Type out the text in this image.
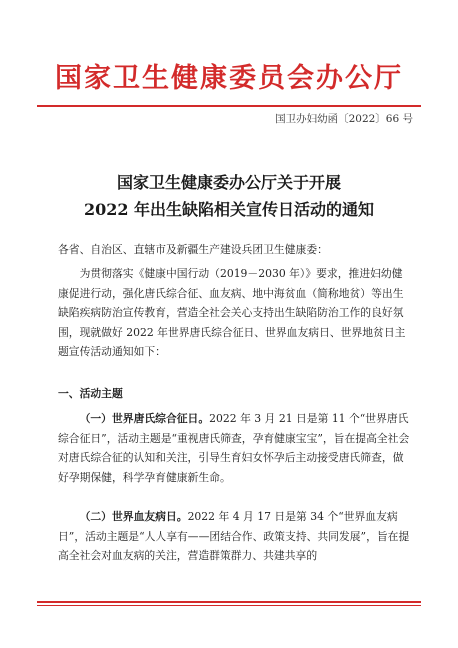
国家卫生健康委员会办公厅
国卫办妇幼函〔2022〕66 号
国家卫生健康委办公厅关于开展
2022 年出生缺陷相关宣传日活动的通知
各省、自治区、直辖市及新疆生产建设兵团卫生健康委：

为贯彻落实《健康中国行动（2019－2030 年）》要求，推进妇幼健康促进行动，强化唐氏综合征、血友病、地中海贫血（简称地贫）等出生缺陷疾病防治宣传教育，营造全社会关心支持出生缺陷防治工作的良好氛围，现就做好 2022 年世界唐氏综合征日、世界血友病日、世界地贫日主题宣传活动通知如下：

一、活动主题

（一）世界唐氏综合征日。2022 年 3 月 21 日是第 11 个“世界唐氏综合征日”，活动主题是“重视唐氏筛查，孕育健康宝宝”，旨在提高全社会对唐氏综合征的认知和关注，引导生育妇女怀孕后主动接受唐氏筛查，做好孕期保健，科学孕育健康新生命。

（二）世界血友病日。2022 年 4 月 17 日是第 34 个“世界血友病日”，活动主题是“人人享有——团结合作、政策支持、共同发展”，旨在提高全社会对血友病的关注，营造群策群力、共建共享的
